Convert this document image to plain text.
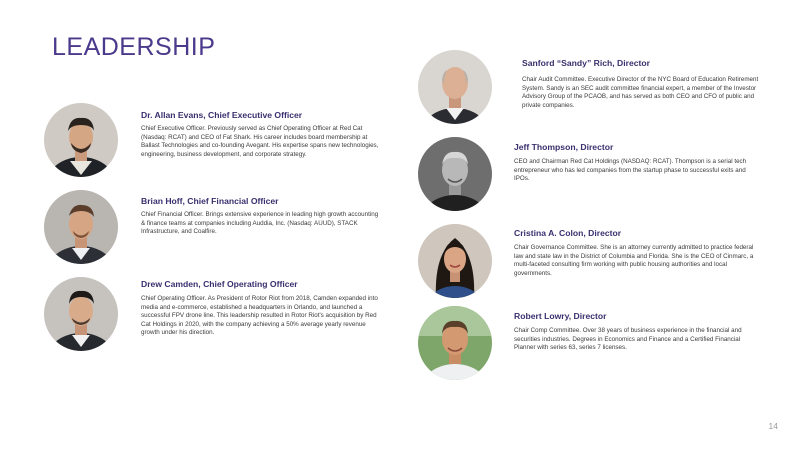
LEADERSHIP
Dr. Allan Evans, Chief Executive Officer
Chief Executive Officer. Previously served as Chief Operating Officer at Red Cat (Nasdaq: RCAT) and CEO of Fat Shark. His career includes board membership at Ballast Technologies and co-founding Avegant. His expertise spans new technologies, engineering, business development, and corporate strategy.
Brian Hoff, Chief Financial Officer
Chief Financial Officer. Brings extensive experience in leading high growth accounting & finance teams at companies including Auddia, Inc. (Nasdaq: AUUD), STACK Infrastructure, and Coalfire.
Drew Camden, Chief Operating Officer
Chief Operating Officer. As President of Rotor Riot from 2018, Camden expanded into media and e-commerce, established a headquarters in Orlando, and launched a successful FPV drone line. This leadership resulted in Rotor Riot's acquisition by Red Cat Holdings in 2020, with the company achieving a 50% average yearly revenue growth under his direction.
Sanford “Sandy” Rich, Director
Chair Audit Committee. Executive Director of the NYC Board of Education Retirement System. Sandy is an SEC audit committee financial expert, a member of the Investor Advisory Group of the PCAOB, and has served as both CEO and CFO of public and private companies.
Jeff Thompson, Director
CEO and Chairman Red Cat Holdings (NASDAQ: RCAT). Thompson is a serial tech entrepreneur who has led companies from the startup phase to successful exits and IPOs.
Cristina A. Colon, Director
Chair Governance Committee. She is an attorney currently admitted to practice federal law and state law in the District of Columbia and Florida. She is the CEO of Cinmarc, a multi-faceted consulting firm working with public housing authorities and local governments.
Robert Lowry, Director
Chair Comp Committee. Over 38 years of business experience in the financial and securities industries. Degrees in Economics and Finance and a Certified Financial Planner with series 63, series 7 licenses.
14
